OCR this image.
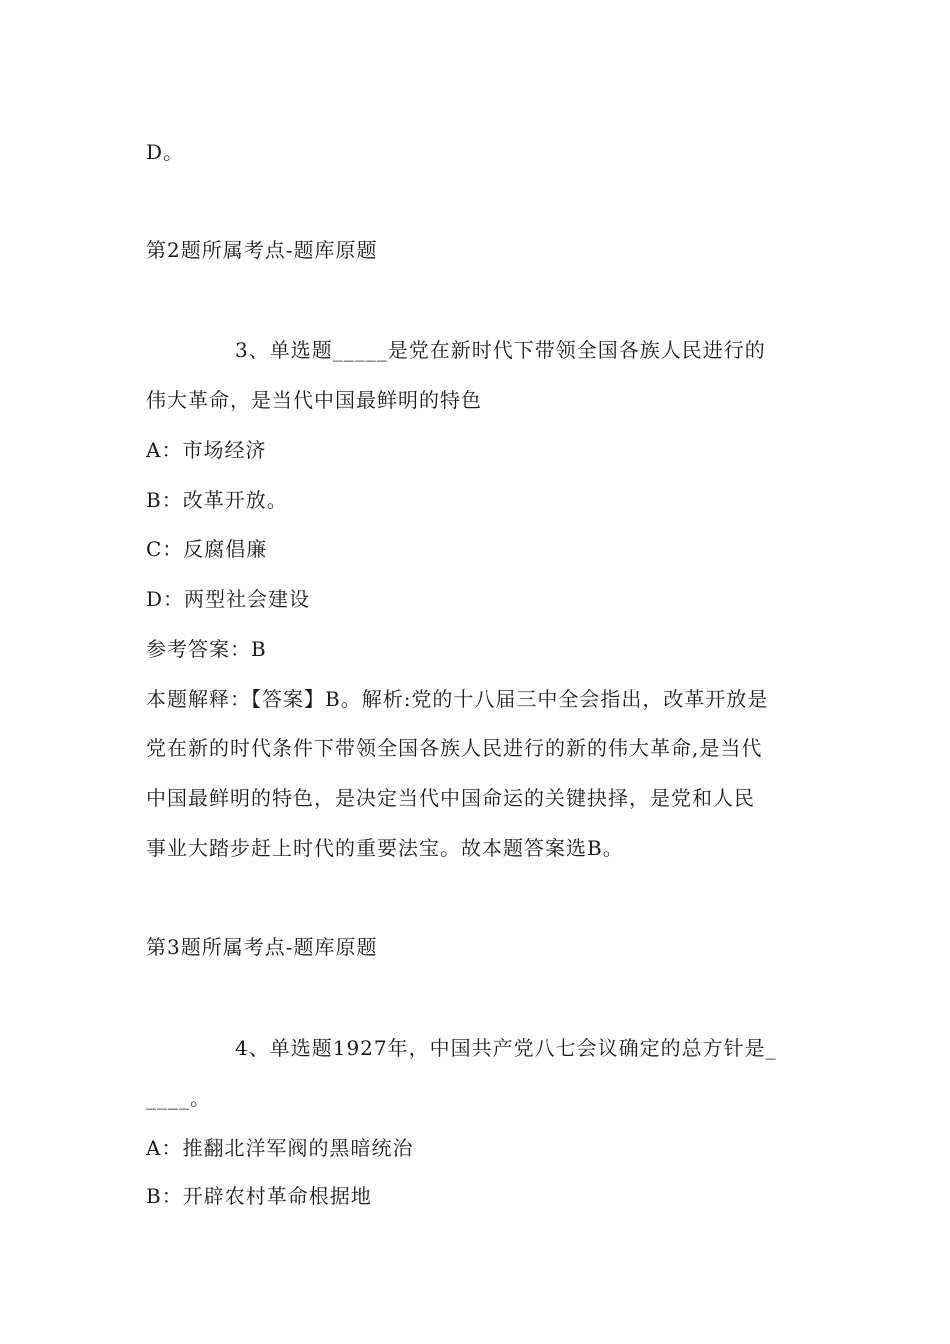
D。
第2题所属考点-题库原题
3、单选题_____是党在新时代下带领全国各族人民进行的
伟大革命，是当代中国最鲜明的特色
A：市场经济
B：改革开放。
C：反腐倡廉
D：两型社会建设
参考答案：B
本题解释：【答案】B。解析:党的十八届三中全会指出，改革开放是
党在新的时代条件下带领全国各族人民进行的新的伟大革命,是当代
中国最鲜明的特色，是决定当代中国命运的关键抉择，是党和人民
事业大踏步赶上时代的重要法宝。故本题答案选B。
第3题所属考点-题库原题
4、单选题1927年，中国共产党八七会议确定的总方针是_
____。
A：推翻北洋军阀的黑暗统治
B：开辟农村革命根据地
